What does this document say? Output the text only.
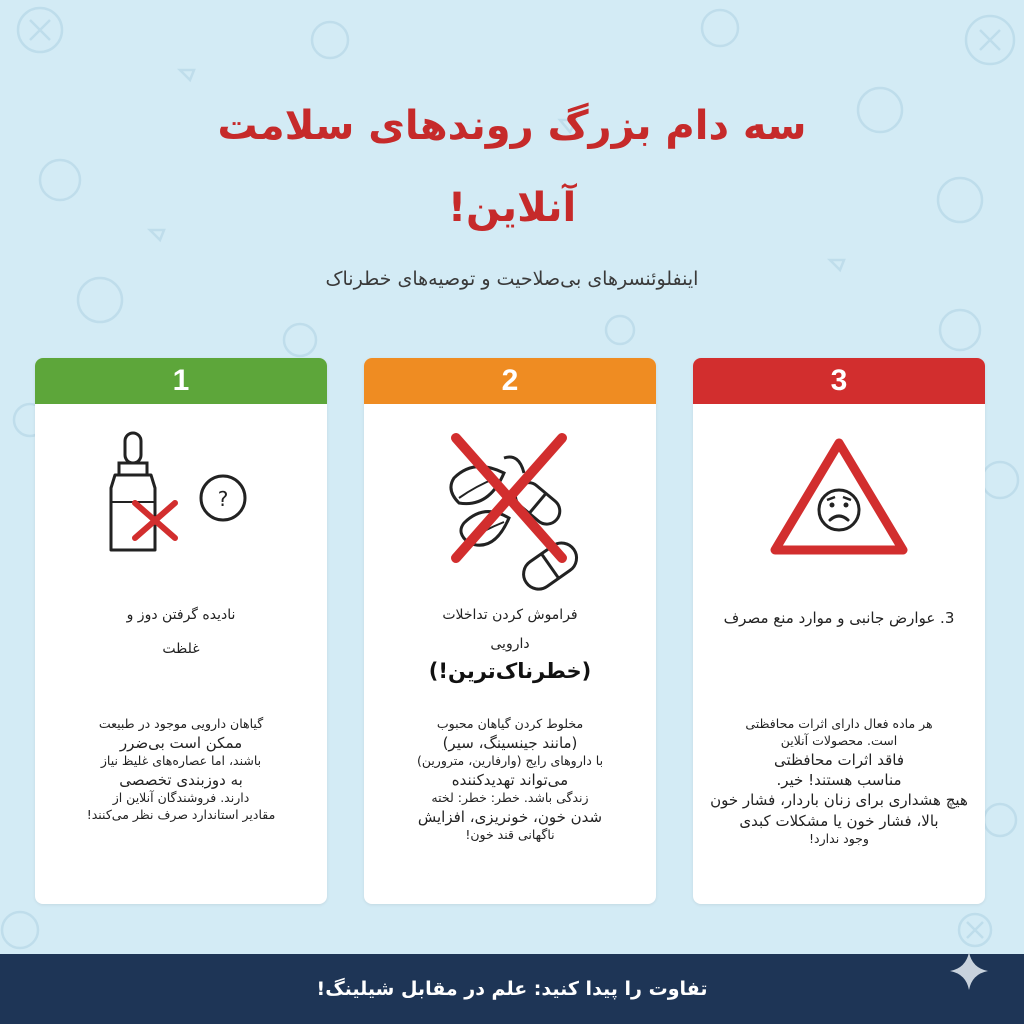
سه دام بزرگ روندهای سلامت
آنلاین!
اینفلوئنسرهای بی‌صلاحیت و توصیه‌های خطرناک
3
3. عوارض جانبی و موارد منع مصرف

هر ماده فعال دارای اثرات محافظتی

است. محصولات آنلاین

فاقد اثرات محافظتی

مناسب هستند! خیر.

هیچ هشداری برای زنان باردار، فشار خون

بالا، فشار خون یا مشکلات کبدی

وجود ندارد!

2
فراموش کردن تداخلات
دارویی
(خطرناک‌ترین!)

مخلوط کردن گیاهان محبوب

(مانند جینسینگ، سیر)

با داروهای رایج (وارفارین، مترورین)

می‌تواند تهدیدکننده

زندگی باشد. خطر: خطر: لخته

شدن خون، خونریزی، افزایش

ناگهانی قند خون!

1
?
نادیده گرفتن دوز و
غلظت

گیاهان دارویی موجود در طبیعت

ممکن است بی‌ضرر

باشند، اما عصاره‌های غلیظ نیاز

به دوزبندی تخصصی

دارند. فروشندگان آنلاین از

مقادیر استاندارد صرف نظر می‌کنند!

تفاوت را پیدا کنید: علم در مقابل شیلینگ!
